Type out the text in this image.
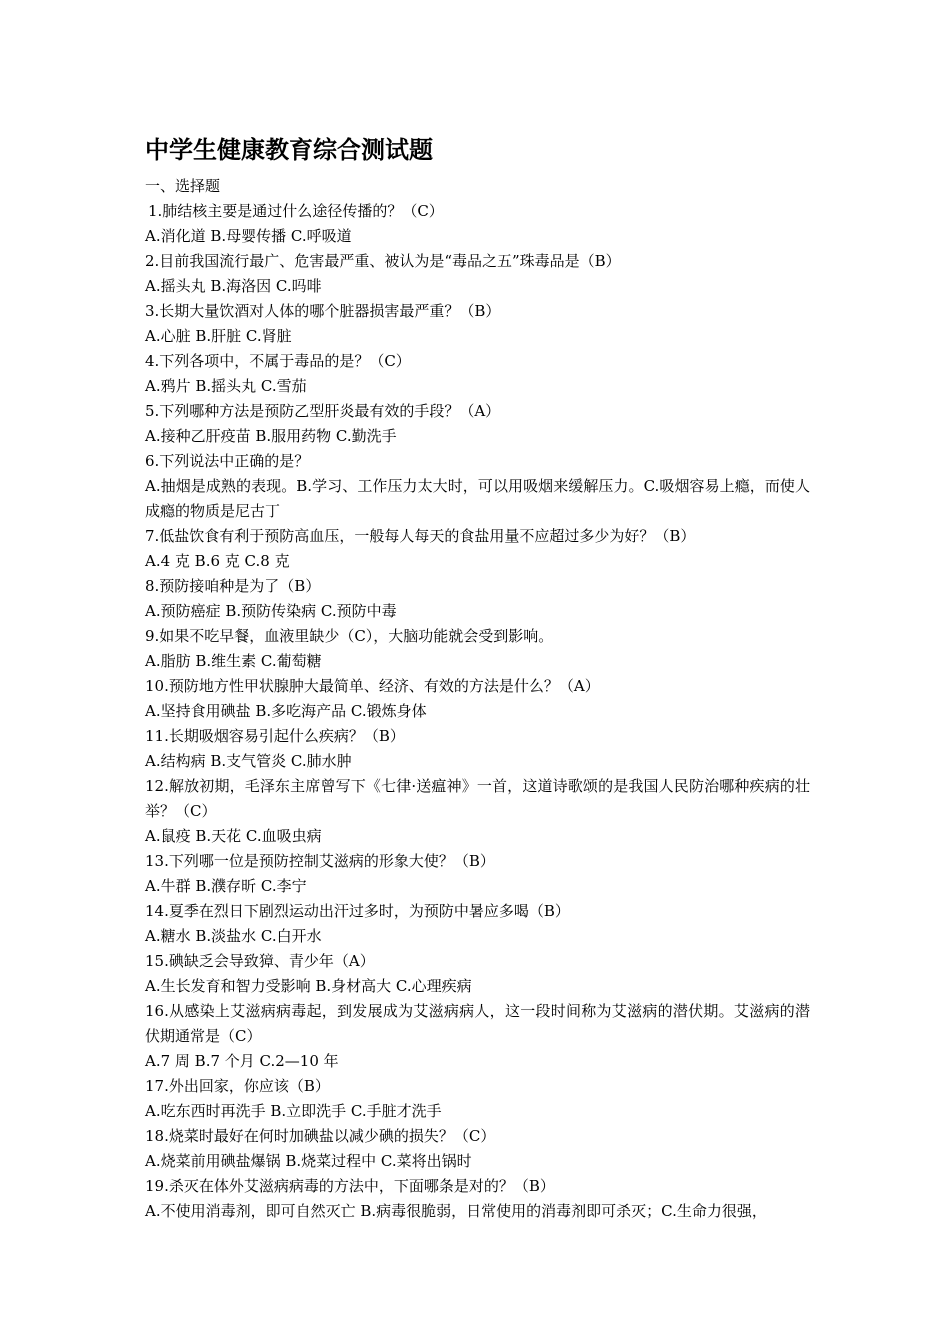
中学生健康教育综合测试题
一、选择题
1.肺结核主要是通过什么途径传播的？（C）
A.消化道 B.母婴传播 C.呼吸道
2.目前我国流行最广、危害最严重、被认为是“毒品之五”珠毒品是（B）
A.摇头丸 B.海洛因 C.吗啡
3.长期大量饮酒对人体的哪个脏器损害最严重？（B）
A.心脏 B.肝脏 C.肾脏
4.下列各项中，不属于毒品的是？（C）
A.鸦片 B.摇头丸 C.雪茄
5.下列哪种方法是预防乙型肝炎最有效的手段？（A）
A.接种乙肝疫苗 B.服用药物 C.勤洗手
6.下列说法中正确的是？
A.抽烟是成熟的表现。B.学习、工作压力太大时，可以用吸烟来缓解压力。C.吸烟容易上瘾，而使人成瘾的物质是尼古丁
7.低盐饮食有利于预防高血压，一般每人每天的食盐用量不应超过多少为好？（B）
A.4 克 B.6 克 C.8 克
8.预防接咱种是为了（B）
A.预防癌症 B.预防传染病 C.预防中毒
9.如果不吃早餐，血液里缺少（C），大脑功能就会受到影响。
A.脂肪 B.维生素 C.葡萄糖
10.预防地方性甲状腺肿大最简单、经济、有效的方法是什么？（A）
A.坚持食用碘盐 B.多吃海产品 C.锻炼身体
11.长期吸烟容易引起什么疾病？（B）
A.结构病 B.支气管炎 C.肺水肿
12.解放初期，毛泽东主席曾写下《七律·送瘟神》一首，这道诗歌颂的是我国人民防治哪种疾病的壮举？（C）
A.鼠疫 B.天花 C.血吸虫病
13.下列哪一位是预防控制艾滋病的形象大使？（B）
A.牛群 B.濮存昕 C.李宁
14.夏季在烈日下剧烈运动出汗过多时，为预防中暑应多喝（B）
A.糖水 B.淡盐水 C.白开水
15.碘缺乏会导致獐、青少年（A）
A.生长发育和智力受影响 B.身材高大 C.心理疾病
16.从感染上艾滋病病毒起，到发展成为艾滋病病人，这一段时间称为艾滋病的潜伏期。艾滋病的潜伏期通常是（C）
A.7 周 B.7 个月 C.2—10 年
17.外出回家，你应该（B）
A.吃东西时再洗手 B.立即洗手 C.手脏才洗手
18.烧菜时最好在何时加碘盐以减少碘的损失？（C）
A.烧菜前用碘盐爆锅 B.烧菜过程中 C.菜将出锅时
19.杀灭在体外艾滋病病毒的方法中，下面哪条是对的？（B）
A.不使用消毒剂，即可自然灭亡 B.病毒很脆弱，日常使用的消毒剂即可杀灭；C.生命力很强，
